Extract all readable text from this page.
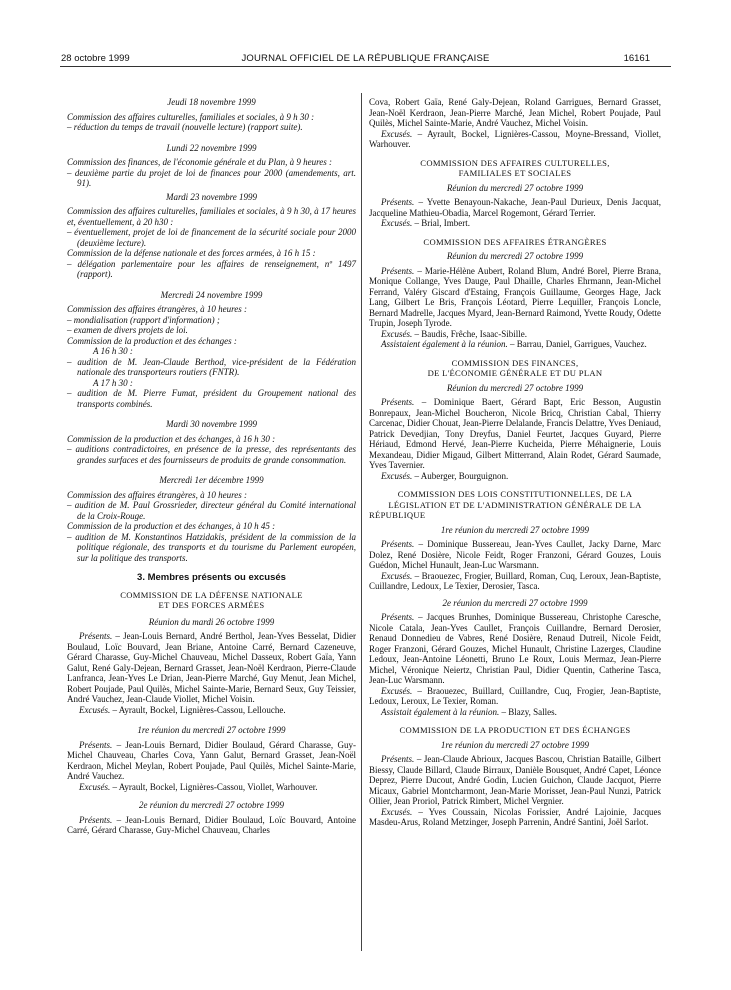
28 octobre 1999	JOURNAL OFFICIEL DE LA RÉPUBLIQUE FRANÇAISE	16161

Jeudi 18 novembre 1999

Commission des affaires culturelles, familiales et sociales, à 9 h 30 :

– réduction du temps de travail (nouvelle lecture) (rapport suite).

Lundi 22 novembre 1999

Commission des finances, de l'économie générale et du Plan, à 9 heures :

– deuxième partie du projet de loi de finances pour 2000 (amendements, art. 91).

Mardi 23 novembre 1999

Commission des affaires culturelles, familiales et sociales, à 9 h 30, à 17 heures et, éventuellement, à 20 h30 :

– éventuellement, projet de loi de financement de la sécurité sociale pour 2000 (deuxième lecture).

Commission de la défense nationale et des forces armées, à 16 h 15 :

– délégation parlementaire pour les affaires de renseignement, nº 1497 (rapport).

Mercredi 24 novembre 1999

Commission des affaires étrangères, à 10 heures :

– mondialisation (rapport d'information) ;

– examen de divers projets de loi.

Commission de la production et des échanges :

A 16 h 30 :

– audition de M. Jean-Claude Berthod, vice-président de la Fédération nationale des transporteurs routiers (FNTR).

A 17 h 30 :

– audition de M. Pierre Fumat, président du Groupement national des transports combinés.

Mardi 30 novembre 1999

Commission de la production et des échanges, à 16 h 30 :

– auditions contradictoires, en présence de la presse, des représentants des grandes surfaces et des fournisseurs de produits de grande consommation.

Mercredi 1er décembre 1999

Commission des affaires étrangères, à 10 heures :

– audition de M. Paul Grossrieder, directeur général du Comité international de la Croix-Rouge.

Commission de la production et des échanges, à 10 h 45 :

– audition de M. Konstantinos Hatzidakis, président de la commission de la politique régionale, des transports et du tourisme du Parlement européen, sur la politique des transports.

3. Membres présents ou excusés

COMMISSION DE LA DÉFENSE NATIONALE

ET DES FORCES ARMÉES

Réunion du mardi 26 octobre 1999

Présents. – Jean-Louis Bernard, André Berthol, Jean-Yves Besselat, Didier Boulaud, Loïc Bouvard, Jean Briane, Antoine Carré, Bernard Cazeneuve, Gérard Charasse, Guy-Michel Chauveau, Michel Dasseux, Robert Gaïa, Yann Galut, René Galy-Dejean, Bernard Grasset, Jean-Noël Kerdraon, Pierre-Claude Lanfranca, Jean-Yves Le Drian, Jean-Pierre Marché, Guy Menut, Jean Michel, Robert Poujade, Paul Quilès, Michel Sainte-Marie, Bernard Seux, Guy Teissier, André Vauchez, Jean-Claude Viollet, Michel Voisin.

Excusés. – Ayrault, Bockel, Lignières-Cassou, Lellouche.

1re réunion du mercredi 27 octobre 1999

Présents. – Jean-Louis Bernard, Didier Boulaud, Gérard Charasse, Guy-Michel Chauveau, Charles Cova, Yann Galut, Bernard Grasset, Jean-Noël Kerdraon, Michel Meylan, Robert Poujade, Paul Quilès, Michel Sainte-Marie, André Vauchez.

Excusés. – Ayrault, Bockel, Lignières-Cassou, Viollet, Warhouver.

2e réunion du mercredi 27 octobre 1999

Présents. – Jean-Louis Bernard, Didier Boulaud, Loïc Bouvard, Antoine Carré, Gérard Charasse, Guy-Michel Chauveau, Charles

Cova, Robert Gaïa, René Galy-Dejean, Roland Garrigues, Bernard Grasset, Jean-Noël Kerdraon, Jean-Pierre Marché, Jean Michel, Robert Poujade, Paul Quilès, Michel Sainte-Marie, André Vauchez, Michel Voisin.

Excusés. – Ayrault, Bockel, Lignières-Cassou, Moyne-Bressand, Viollet, Warhouver.

COMMISSION DES AFFAIRES CULTURELLES,

FAMILIALES ET SOCIALES

Réunion du mercredi 27 octobre 1999

Présents. – Yvette Benayoun-Nakache, Jean-Paul Durieux, Denis Jacquat, Jacqueline Mathieu-Obadia, Marcel Rogemont, Gérard Terrier.

Excusés. – Brial, Imbert.

COMMISSION DES AFFAIRES ÉTRANGÈRES

Réunion du mercredi 27 octobre 1999

Présents. – Marie-Hélène Aubert, Roland Blum, André Borel, Pierre Brana, Monique Collange, Yves Dauge, Paul Dhaille, Charles Ehrmann, Jean-Michel Ferrand, Valéry Giscard d'Estaing, François Guillaume, Georges Hage, Jack Lang, Gilbert Le Bris, François Léotard, Pierre Lequiller, François Loncle, Bernard Madrelle, Jacques Myard, Jean-Bernard Raimond, Yvette Roudy, Odette Trupin, Joseph Tyrode.

Excusés. – Baudis, Frêche, Isaac-Sibille.

Assistaient également à la réunion. – Barrau, Daniel, Garrigues, Vauchez.

COMMISSION DES FINANCES,

DE L'ÉCONOMIE GÉNÉRALE ET DU PLAN

Réunion du mercredi 27 octobre 1999

Présents. – Dominique Baert, Gérard Bapt, Eric Besson, Augustin Bonrepaux, Jean-Michel Boucheron, Nicole Bricq, Christian Cabal, Thierry Carcenac, Didier Chouat, Jean-Pierre Delalande, Francis Delattre, Yves Deniaud, Patrick Devedjian, Tony Dreyfus, Daniel Feurtet, Jacques Guyard, Pierre Hériaud, Edmond Hervé, Jean-Pierre Kucheida, Pierre Méhaignerie, Louis Mexandeau, Didier Migaud, Gilbert Mitterrand, Alain Rodet, Gérard Saumade, Yves Tavernier.

Excusés. – Auberger, Bourguignon.

COMMISSION DES LOIS CONSTITUTIONNELLES, DE LA

LÉGISLATION ET DE L'ADMINISTRATION GÉNÉRALE DE LA

RÉPUBLIQUE

1re réunion du mercredi 27 octobre 1999

Présents. – Dominique Bussereau, Jean-Yves Caullet, Jacky Darne, Marc Dolez, René Dosière, Nicole Feidt, Roger Franzoni, Gérard Gouzes, Louis Guédon, Michel Hunault, Jean-Luc Warsmann.

Excusés. – Braouezec, Frogier, Buillard, Roman, Cuq, Leroux, Jean-Baptiste, Cuillandre, Ledoux, Le Texier, Derosier, Tasca.

2e réunion du mercredi 27 octobre 1999

Présents. – Jacques Brunhes, Dominique Bussereau, Christophe Caresche, Nicole Catala, Jean-Yves Caullet, François Cuillandre, Bernard Derosier, Renaud Donnedieu de Vabres, René Dosière, Renaud Dutreil, Nicole Feidt, Roger Franzoni, Gérard Gouzes, Michel Hunault, Christine Lazerges, Claudine Ledoux, Jean-Antoine Léonetti, Bruno Le Roux, Louis Mermaz, Jean-Pierre Michel, Véronique Neiertz, Christian Paul, Didier Quentin, Catherine Tasca, Jean-Luc Warsmann.

Excusés. – Braouezec, Buillard, Cuillandre, Cuq, Frogier, Jean-Baptiste, Ledoux, Leroux, Le Texier, Roman.

Assistait également à la réunion. – Blazy, Salles.

COMMISSION DE LA PRODUCTION ET DES ÉCHANGES

1re réunion du mercredi 27 octobre 1999

Présents. – Jean-Claude Abrioux, Jacques Bascou, Christian Bataille, Gilbert Biessy, Claude Billard, Claude Birraux, Danièle Bousquet, André Capet, Léonce Deprez, Pierre Ducout, André Godin, Lucien Guichon, Claude Jacquot, Pierre Micaux, Gabriel Montcharmont, Jean-Marie Morisset, Jean-Paul Nunzi, Patrick Ollier, Jean Proriol, Patrick Rimbert, Michel Vergnier.

Excusés. – Yves Coussain, Nicolas Forissier, André Lajoinie, Jacques Masdeu-Arus, Roland Metzinger, Joseph Parrenin, André Santini, Joël Sarlot.
